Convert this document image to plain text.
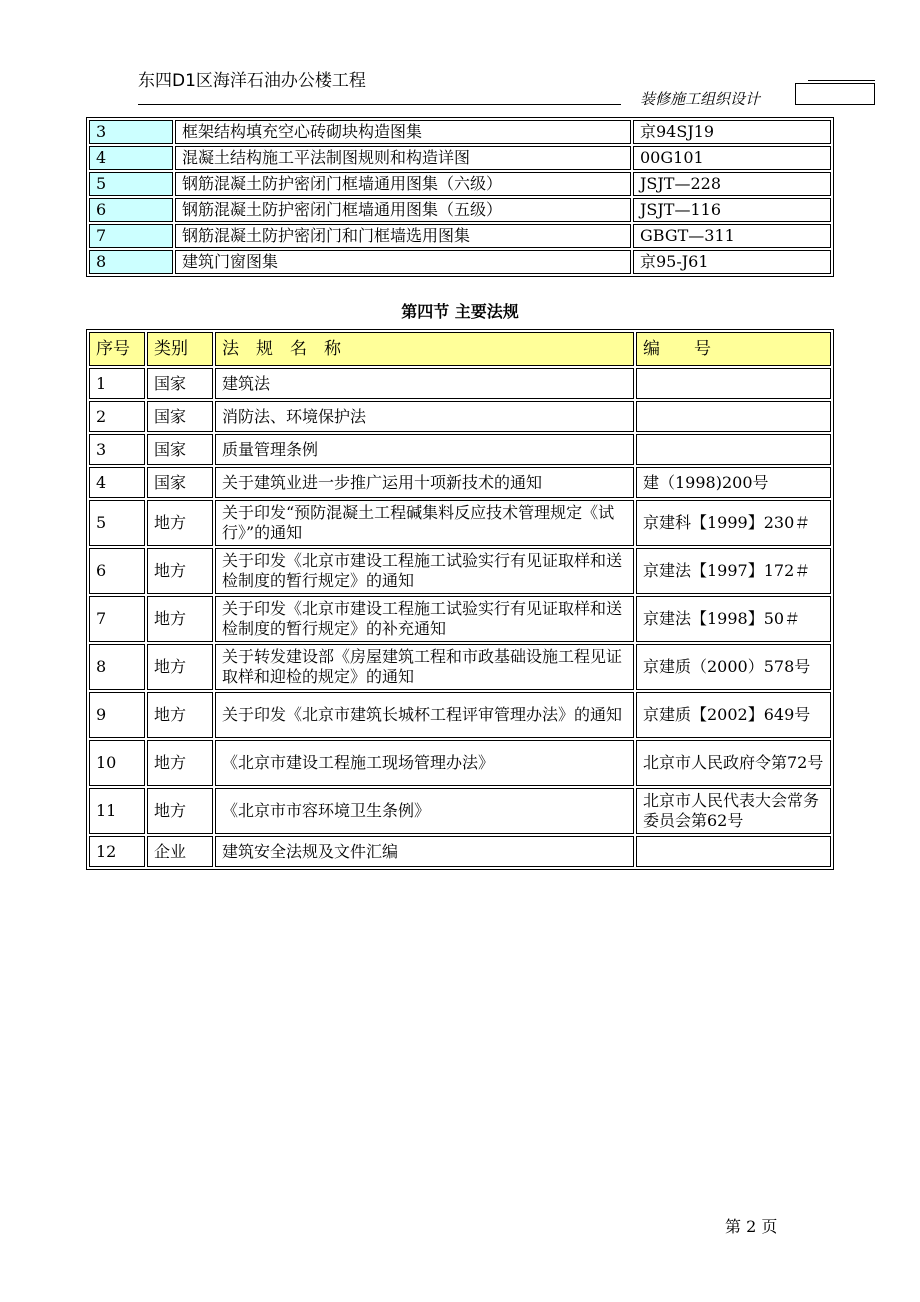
东四D1区海洋石油办公楼工程
装修施工组织设计
3	框架结构填充空心砖砌块构造图集	京94SJ19
4	混凝土结构施工平法制图规则和构造详图	00G101
5	钢筋混凝土防护密闭门框墙通用图集（六级）	JSJT—228
6	钢筋混凝土防护密闭门框墙通用图集（五级）	JSJT—116
7	钢筋混凝土防护密闭门和门框墙选用图集	GBGT—311
8	建筑门窗图集	京95-J61
第四节 主要法规
序号	类别	法　规　名　称	编　　号
1	国家	建筑法	
2	国家	消防法、环境保护法	
3	国家	质量管理条例	
4	国家	关于建筑业进一步推广运用十项新技术的通知	建（1998)200号
5	地方	关于印发“预防混凝土工程碱集料反应技术管理规定《试行》”的通知	京建科【1999】230＃
6	地方	关于印发《北京市建设工程施工试验实行有见证取样和送检制度的暂行规定》的通知	京建法【1997】172＃
7	地方	关于印发《北京市建设工程施工试验实行有见证取样和送检制度的暂行规定》的补充通知	京建法【1998】50＃
8	地方	关于转发建设部《房屋建筑工程和市政基础设施工程见证取样和迎检的规定》的通知	京建质（2000）578号
9	地方	关于印发《北京市建筑长城杯工程评审管理办法》的通知	京建质【2002】649号
10	地方	《北京市建设工程施工现场管理办法》	北京市人民政府令第72号
11	地方	《北京市市容环境卫生条例》	北京市人民代表大会常务委员会第62号
12	企业	建筑安全法规及文件汇编	
第 2 页
